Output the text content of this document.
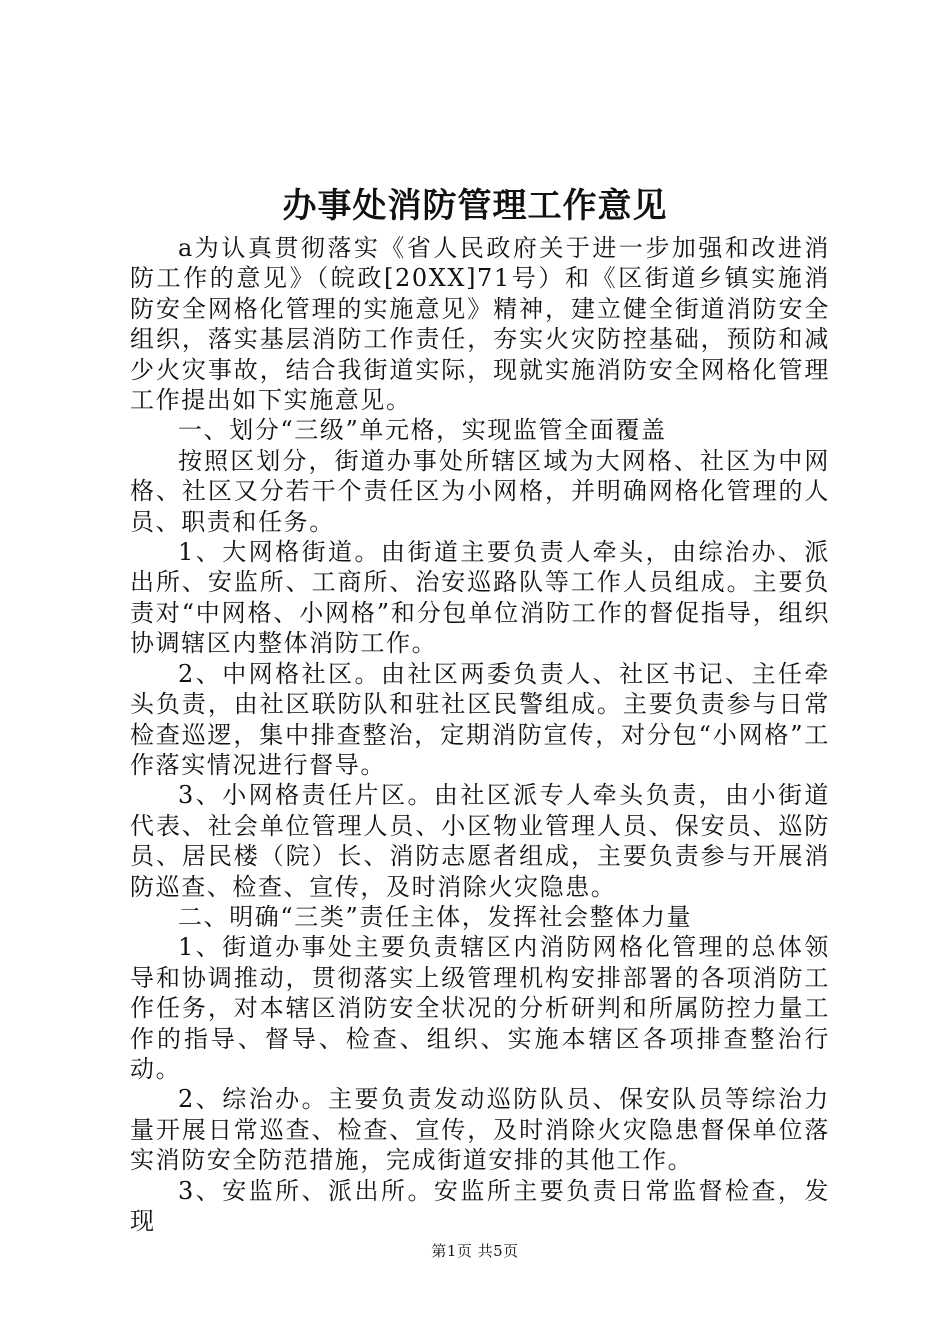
办事处消防管理工作意见

a为认真贯彻落实《省人民政府关于进一步加强和改进消防工作的意见》（皖政[20XX]71号）和《区街道乡镇实施消防安全网格化管理的实施意见》精神，建立健全街道消防安全组织，落实基层消防工作责任，夯实火灾防控基础，预防和减少火灾事故，结合我街道实际，现就实施消防安全网格化管理工作提出如下实施意见。

一、划分“三级”单元格，实现监管全面覆盖

按照区划分，街道办事处所辖区域为大网格、社区为中网格、社区又分若干个责任区为小网格，并明确网格化管理的人员、职责和任务。

1、大网格街道。由街道主要负责人牵头，由综治办、派出所、安监所、工商所、治安巡路队等工作人员组成。主要负责对“中网格、小网格”和分包单位消防工作的督促指导，组织协调辖区内整体消防工作。

2、中网格社区。由社区两委负责人、社区书记、主任牵头负责，由社区联防队和驻社区民警组成。主要负责参与日常检查巡逻，集中排查整治，定期消防宣传，对分包“小网格”工作落实情况进行督导。

3、小网格责任片区。由社区派专人牵头负责，由小街道代表、社会单位管理人员、小区物业管理人员、保安员、巡防员、居民楼（院）长、消防志愿者组成，主要负责参与开展消防巡查、检查、宣传，及时消除火灾隐患。

二、明确“三类”责任主体，发挥社会整体力量

1、街道办事处主要负责辖区内消防网格化管理的总体领导和协调推动，贯彻落实上级管理机构安排部署的各项消防工作任务，对本辖区消防安全状况的分析研判和所属防控力量工作的指导、督导、检查、组织、实施本辖区各项排查整治行动。

2、综治办。主要负责发动巡防队员、保安队员等综治力量开展日常巡查、检查、宣传，及时消除火灾隐患督保单位落实消防安全防范措施，完成街道安排的其他工作。

3、安监所、派出所。安监所主要负责日常监督检查，发现

第1页 共5页
